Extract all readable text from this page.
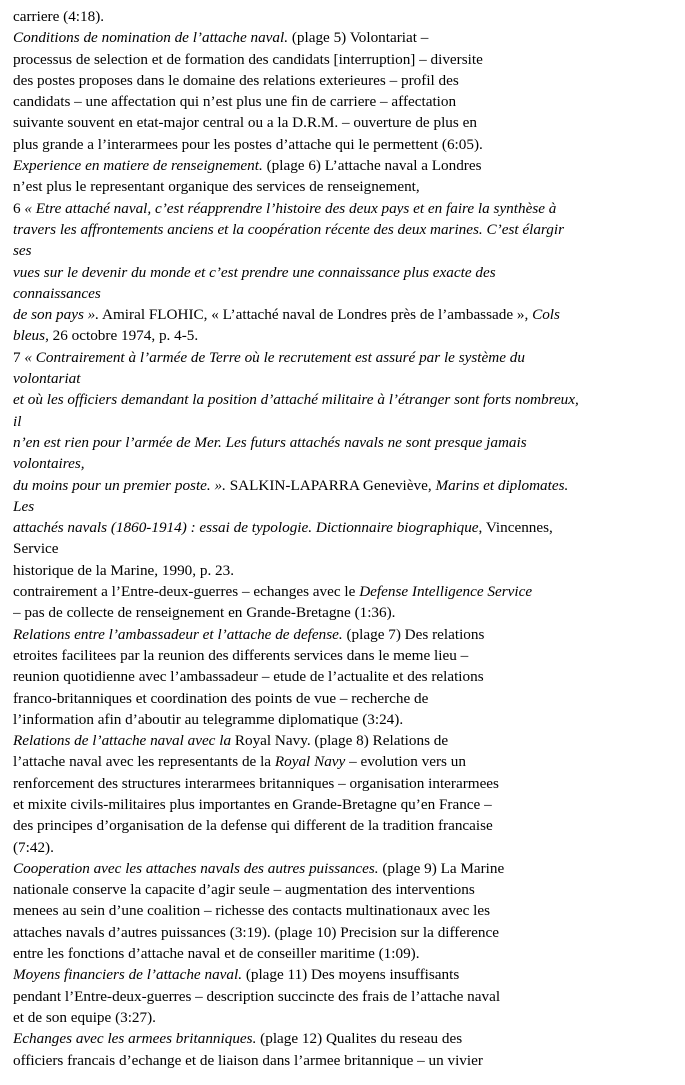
carriere (4:18).
Conditions de nomination de l’attache naval. (plage 5) Volontariat –
processus de selection et de formation des candidats [interruption] – diversite
des postes proposes dans le domaine des relations exterieures – profil des
candidats – une affectation qui n’est plus une fin de carriere – affectation
suivante souvent en etat-major central ou a la D.R.M. – ouverture de plus en
plus grande a l’interarmees pour les postes d’attache qui le permettent (6:05).
Experience en matiere de renseignement. (plage 6) L’attache naval a Londres
n’est plus le representant organique des services de renseignement,
6 « Etre attaché naval, c’est réapprendre l’histoire des deux pays et en faire la synthèse à
travers les affrontements anciens et la coopération récente des deux marines. C’est élargir
ses
vues sur le devenir du monde et c’est prendre une connaissance plus exacte des
connaissances
de son pays ». Amiral FLOHIC, « L’attaché naval de Londres près de l’ambassade », Cols
bleus, 26 octobre 1974, p. 4-5.
7 « Contrairement à l’armée de Terre où le recrutement est assuré par le système du
volontariat
et où les officiers demandant la position d’attaché militaire à l’étranger sont forts nombreux,
il
n’en est rien pour l’armée de Mer. Les futurs attachés navals ne sont presque jamais
volontaires,
du moins pour un premier poste. ». SALKIN-LAPARRA Geneviève, Marins et diplomates.
Les
attachés navals (1860-1914) : essai de typologie. Dictionnaire biographique, Vincennes,
Service
historique de la Marine, 1990, p. 23.
contrairement a l’Entre-deux-guerres – echanges avec le Defense Intelligence Service
– pas de collecte de renseignement en Grande-Bretagne (1:36).
Relations entre l’ambassadeur et l’attache de defense. (plage 7) Des relations
etroites facilitees par la reunion des differents services dans le meme lieu –
reunion quotidienne avec l’ambassadeur – etude de l’actualite et des relations
franco-britanniques et coordination des points de vue – recherche de
l’information afin d’aboutir au telegramme diplomatique (3:24).
Relations de l’attache naval avec la Royal Navy. (plage 8) Relations de
l’attache naval avec les representants de la Royal Navy – evolution vers un
renforcement des structures interarmees britanniques – organisation interarmees
et mixite civils-militaires plus importantes en Grande-Bretagne qu’en France –
des principes d’organisation de la defense qui different de la tradition francaise
(7:42).
Cooperation avec les attaches navals des autres puissances. (plage 9) La Marine
nationale conserve la capacite d’agir seule – augmentation des interventions
menees au sein d’une coalition – richesse des contacts multinationaux avec les
attaches navals d’autres puissances (3:19). (plage 10) Precision sur la difference
entre les fonctions d’attache naval et de conseiller maritime (1:09).
Moyens financiers de l’attache naval. (plage 11) Des moyens insuffisants
pendant l’Entre-deux-guerres – description succincte des frais de l’attache naval
et de son equipe (3:27).
Echanges avec les armees britanniques. (plage 12) Qualites du reseau des
officiers francais d’echange et de liaison dans l’armee britannique – un vivier
